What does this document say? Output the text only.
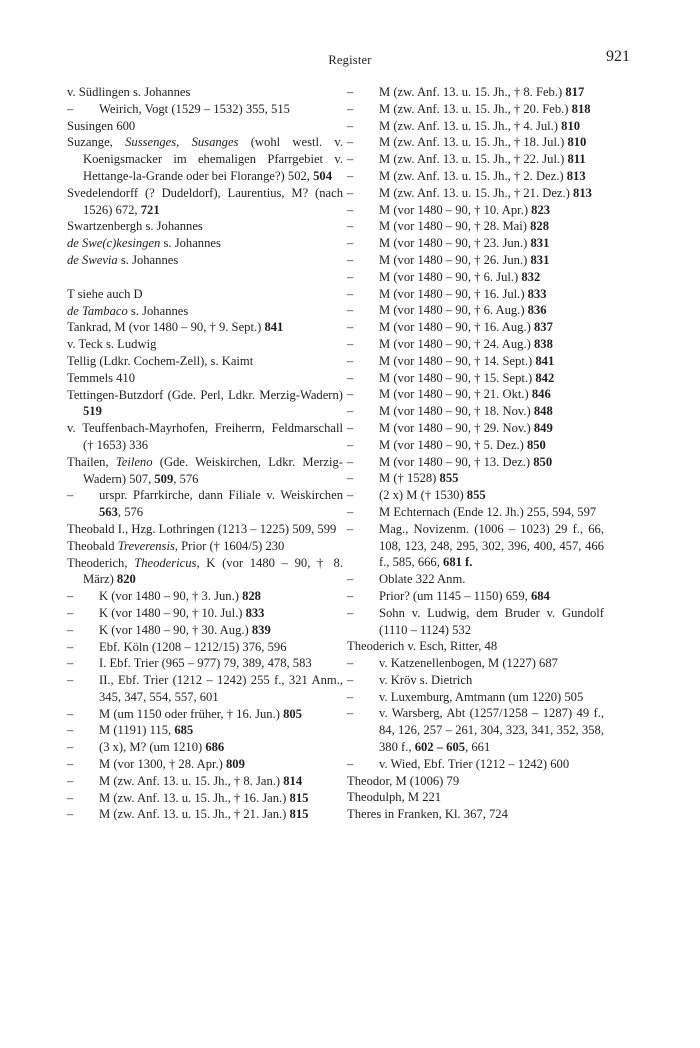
Register	921
v. Südlingen s. Johannes
– Weirich, Vogt (1529 – 1532) 355, 515
Susingen 600
Suzange, Sussenges, Susanges (wohl westl. v. Koenigsmacker im ehemaligen Pfarrgebiet v. Hettange-la-Grande oder bei Florange?) 502, 504
Svedelendorff (? Dudeldorf), Laurentius, M? (nach 1526) 672, 721
Swartzenbergh s. Johannes
de Swe(c)kesingen s. Johannes
de Swevia s. Johannes
T siehe auch D
de Tambaco s. Johannes
Tankrad, M (vor 1480 – 90, † 9. Sept.) 841
v. Teck s. Ludwig
Tellig (Ldkr. Cochem-Zell), s. Kaimt
Temmels 410
Tettingen-Butzdorf (Gde. Perl, Ldkr. Merzig-Wadern) 519
v. Teuffenbach-Mayrhofen, Freiherrn, Feldmarschall († 1653) 336
Thailen, Teileno (Gde. Weiskirchen, Ldkr. Merzig-Wadern) 507, 509, 576
– urspr. Pfarrkirche, dann Filiale v. Weiskirchen 563, 576
Theobald I., Hzg. Lothringen (1213 – 1225) 509, 599
Theobald Treverensis, Prior († 1604/5) 230
Theoderich, Theodericus, K (vor 1480 – 90, † 8. März) 820
– K (vor 1480 – 90, † 3. Jun.) 828
– K (vor 1480 – 90, † 10. Jul.) 833
– K (vor 1480 – 90, † 30. Aug.) 839
– Ebf. Köln (1208 – 1212/15) 376, 596
– I. Ebf. Trier (965 – 977) 79, 389, 478, 583
– II., Ebf. Trier (1212 – 1242) 255 f., 321 Anm., 345, 347, 554, 557, 601
– M (um 1150 oder früher, † 16. Jun.) 805
– M (1191) 115, 685
– (3 x), M? (um 1210) 686
– M (vor 1300, † 28. Apr.) 809
– M (zw. Anf. 13. u. 15. Jh., † 8. Jan.) 814
– M (zw. Anf. 13. u. 15. Jh., † 16. Jan.) 815
– M (zw. Anf. 13. u. 15. Jh., † 21. Jan.) 815
– M (zw. Anf. 13. u. 15. Jh., † 8. Feb.) 817
– M (zw. Anf. 13. u. 15. Jh., † 20. Feb.) 818
– M (zw. Anf. 13. u. 15. Jh., † 4. Jul.) 810
– M (zw. Anf. 13. u. 15. Jh., † 18. Jul.) 810
– M (zw. Anf. 13. u. 15. Jh., † 22. Jul.) 811
– M (zw. Anf. 13. u. 15. Jh., † 2. Dez.) 813
– M (zw. Anf. 13. u. 15. Jh., † 21. Dez.) 813
– M (vor 1480 – 90, † 10. Apr.) 823
– M (vor 1480 – 90, † 28. Mai) 828
– M (vor 1480 – 90, † 23. Jun.) 831
– M (vor 1480 – 90, † 26. Jun.) 831
– M (vor 1480 – 90, † 6. Jul.) 832
– M (vor 1480 – 90, † 16. Jul.) 833
– M (vor 1480 – 90, † 6. Aug.) 836
– M (vor 1480 – 90, † 16. Aug.) 837
– M (vor 1480 – 90, † 24. Aug.) 838
– M (vor 1480 – 90, † 14. Sept.) 841
– M (vor 1480 – 90, † 15. Sept.) 842
– M (vor 1480 – 90, † 21. Okt.) 846
– M (vor 1480 – 90, † 18. Nov.) 848
– M (vor 1480 – 90, † 29. Nov.) 849
– M (vor 1480 – 90, † 5. Dez.) 850
– M (vor 1480 – 90, † 13. Dez.) 850
– M († 1528) 855
– (2 x) M († 1530) 855
– M Echternach (Ende 12. Jh.) 255, 594, 597
– Mag., Novizenm. (1006 – 1023) 29 f., 66, 108, 123, 248, 295, 302, 396, 400, 457, 466 f., 585, 666, 681 f.
– Oblate 322 Anm.
– Prior? (um 1145 – 1150) 659, 684
– Sohn v. Ludwig, dem Bruder v. Gundolf (1110 – 1124) 532
Theoderich v. Esch, Ritter, 48
– v. Katzenellenbogen, M (1227) 687
– v. Kröv s. Dietrich
– v. Luxemburg, Amtmann (um 1220) 505
– v. Warsberg, Abt (1257/1258 – 1287) 49 f., 84, 126, 257 – 261, 304, 323, 341, 352, 358, 380 f., 602 – 605, 661
– v. Wied, Ebf. Trier (1212 – 1242) 600
Theodor, M (1006) 79
Theodulph, M 221
Theres in Franken, Kl. 367, 724
